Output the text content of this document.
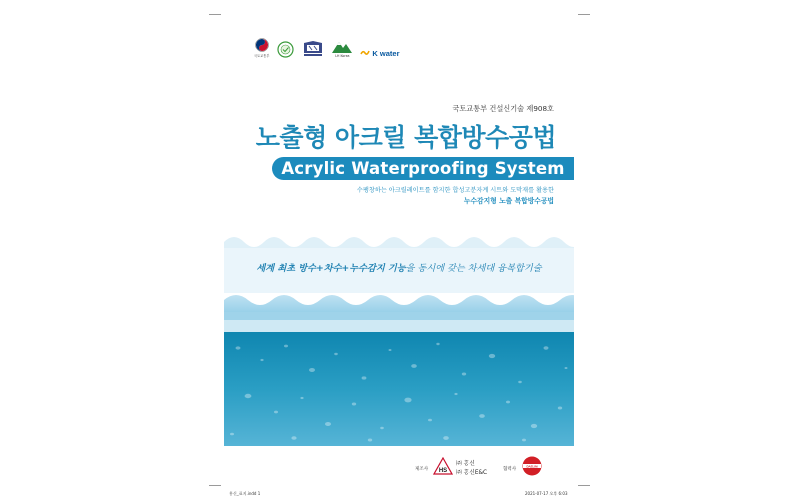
국토교통부	LH Korea	K water
국토교통부 건설신기술 제908호
노출형 아크릴 복합방수공법
Acrylic Waterproofing System
수팽창하는 아크릴레이트를 함지한 합성고분자계 시트와 도막재를 활용한
누수감지형 노출 복합방수공법
세계 최초 방수+차수+누수감지 기능을 동시에 갖는 차세대 융복합기술
제조사 HS
㈜ 홍신
㈜ 홍신E&C
협력사
DAELIM
홍신_표지.indd 1	2021-07-17 오후 6:03
